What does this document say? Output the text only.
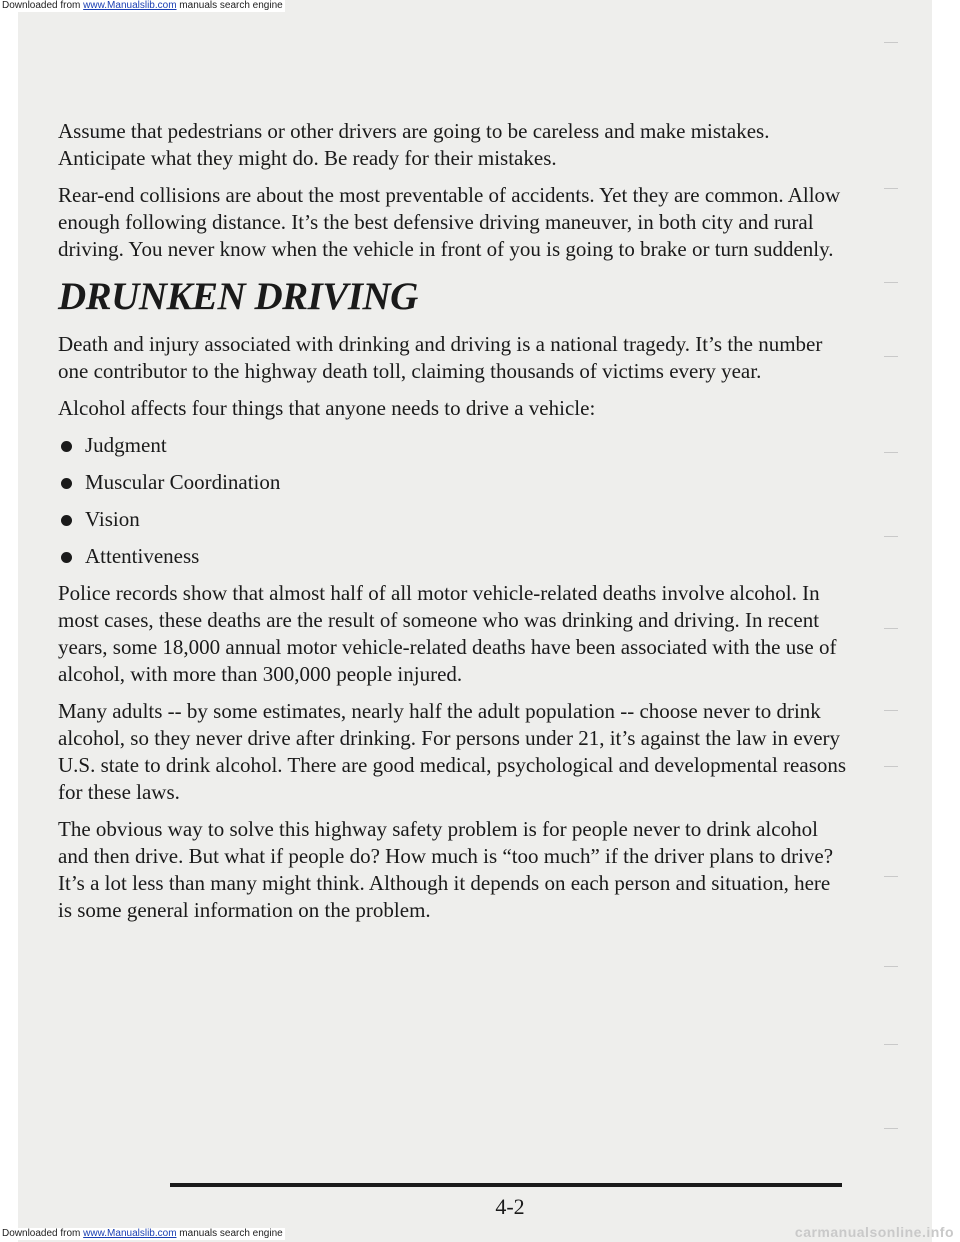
Downloaded from www.Manualslib.com manuals search engine

Assume that pedestrians or other drivers are going to be careless and make mistakes. Anticipate what they might do. Be ready for their mistakes.

Rear-end collisions are about the most preventable of accidents. Yet they are common. Allow enough following distance. It’s the best defensive driving maneuver, in both city and rural driving. You never know when the vehicle in front of you is going to brake or turn suddenly.

DRUNKEN DRIVING

Death and injury associated with drinking and driving is a national tragedy. It’s the number one contributor to the highway death toll, claiming thousands of victims every year.

Alcohol affects four things that anyone needs to drive a vehicle:

Judgment
Muscular Coordination
Vision
Attentiveness

Police records show that almost half of all motor vehicle-related deaths involve alcohol. In most cases, these deaths are the result of someone who was drinking and driving. In recent years, some 18,000 annual motor vehicle-related deaths have been associated with the use of alcohol, with more than 300,000 people injured.

Many adults -- by some estimates, nearly half the adult population -- choose never to drink alcohol, so they never drive after drinking. For persons under 21, it’s against the law in every U.S. state to drink alcohol. There are good medical, psychological and developmental reasons for these laws.

The obvious way to solve this highway safety problem is for people never to drink alcohol and then drive. But what if people do? How much is “too much” if the driver plans to drive? It’s a lot less than many might think. Although it depends on each person and situation, here is some general information on the problem.

4-2
Downloaded from www.Manualslib.com manuals search engine	carmanualsonline.info
